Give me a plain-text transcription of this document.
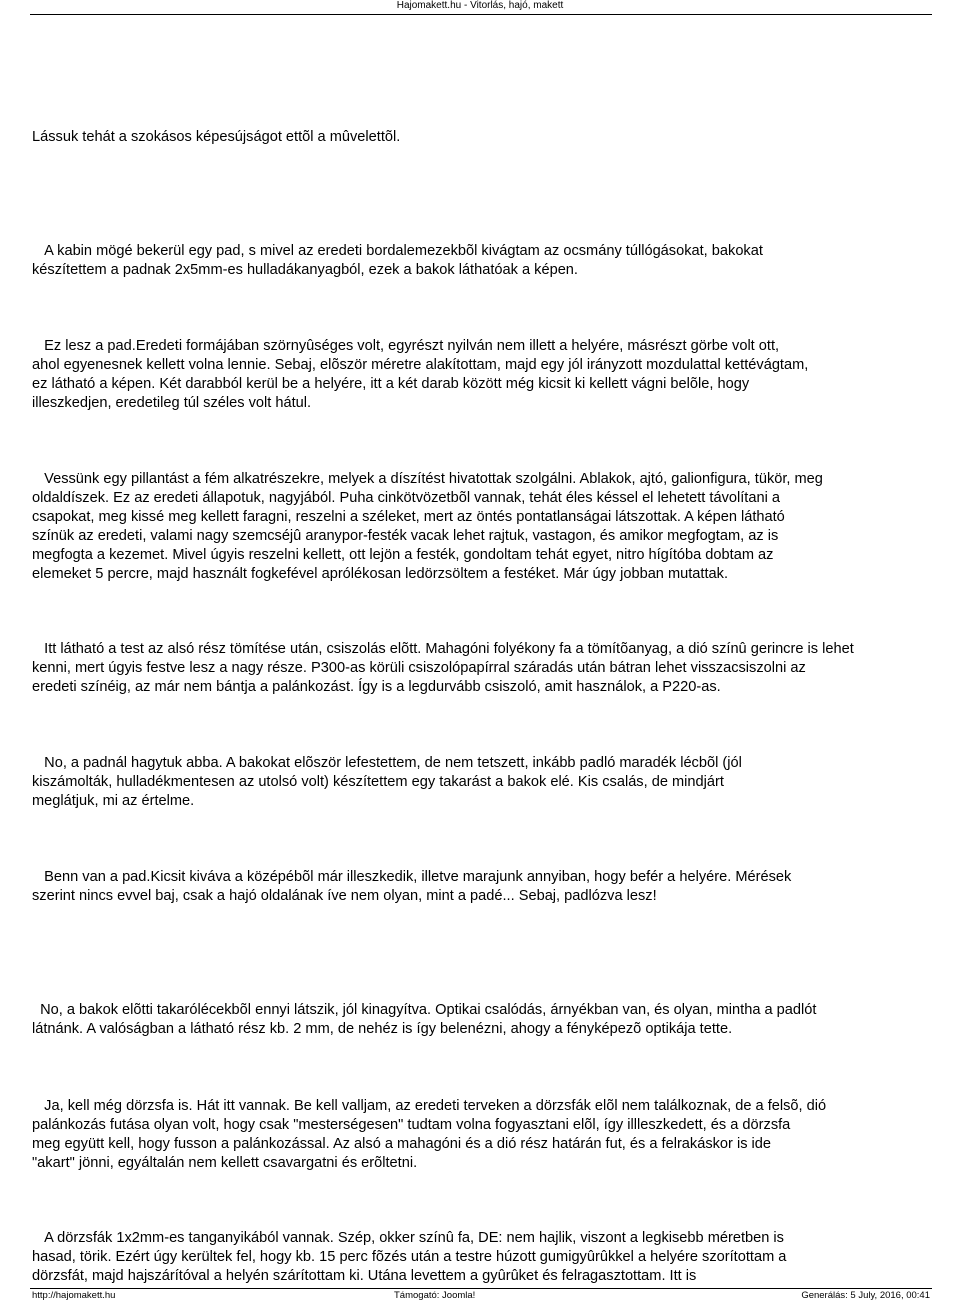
Hajomakett.hu - Vitorlás, hajó, makett

Lássuk tehát a szokásos képesújságot ettõl a mûvelettõl.

A kabin mögé bekerül egy pad, s mivel az eredeti bordalemezekbõl kivágtam az ocsmány túllógásokat, bakokat
készítettem a padnak 2x5mm-es hulladákanyagból, ezek a bakok láthatóak a képen.

Ez lesz a pad.Eredeti formájában szörnyûséges volt, egyrészt nyilván nem illett a helyére, másrészt görbe volt ott,
ahol egyenesnek kellett volna lennie. Sebaj, elõször méretre alakítottam, majd egy jól irányzott mozdulattal kettévágtam,
ez látható a képen. Két darabból kerül be a helyére, itt a két darab között még kicsit ki kellett vágni belõle, hogy
illeszkedjen, eredetileg túl széles volt hátul.

Vessünk egy pillantást a fém alkatrészekre, melyek a díszítést hivatottak szolgálni. Ablakok, ajtó, galionfigura, tükör, meg
oldaldíszek. Ez az eredeti állapotuk, nagyjából. Puha cinkötvözetbõl vannak, tehát éles késsel el lehetett távolítani a
csapokat, meg kissé meg kellett faragni, reszelni a széleket, mert az öntés pontatlanságai látszottak. A képen látható
színük az eredeti, valami nagy szemcséjû aranypor-festék vacak lehet rajtuk, vastagon, és amikor megfogtam, az is
megfogta a kezemet. Mivel úgyis reszelni kellett, ott lejön a festék, gondoltam tehát egyet, nitro hígítóba dobtam az
elemeket 5 percre, majd használt fogkefével aprólékosan ledörzsöltem a festéket. Már úgy jobban mutattak.

Itt látható a test az alsó rész tömítése után, csiszolás elõtt. Mahagóni folyékony fa a tömítõanyag, a dió színû gerincre is lehet
kenni, mert úgyis festve lesz a nagy része. P300-as körüli csiszolópapírral száradás után bátran lehet visszacsiszolni az
eredeti színéig, az már nem bántja a palánkozást. Így is a legdurvább csiszoló, amit használok, a P220-as.

No, a padnál hagytuk abba. A bakokat elõször lefestettem, de nem tetszett, inkább padló maradék lécbõl (jól
kiszámolták, hulladékmentesen az utolsó volt) készítettem egy takarást a bakok elé. Kis csalás, de mindjárt
meglátjuk, mi az értelme.

Benn van a pad.Kicsit kiváva a középébõl már illeszkedik, illetve marajunk annyiban, hogy befér a helyére. Mérések
szerint nincs evvel baj, csak a hajó oldalának íve nem olyan, mint a padé... Sebaj, padlózva lesz!

No, a bakok elõtti takarólécekbõl ennyi látszik, jól kinagyítva. Optikai csalódás, árnyékban van, és olyan, mintha a padlót
látnánk. A valóságban a látható rész kb. 2 mm, de nehéz is így belenézni, ahogy a fényképezõ optikája tette.

Ja, kell még dörzsfa is. Hát itt vannak. Be kell valljam, az eredeti terveken a dörzsfák elõl nem találkoznak, de a felsõ, dió
palánkozás futása olyan volt, hogy csak "mesterségesen" tudtam volna fogyasztani elõl, így illleszkedett, és a dörzsfa
meg együtt kell, hogy fusson a palánkozással. Az alsó a mahagóni és a dió rész határán fut, és a felrakáskor is ide
"akart" jönni, egyáltalán nem kellett csavargatni és erõltetni.

A dörzsfák 1x2mm-es tanganyikából vannak. Szép, okker színû fa, DE: nem hajlik, viszont a legkisebb méretben is
hasad, törik. Ezért úgy kerültek fel, hogy kb. 15 perc fõzés után a testre húzott gumigyûrûkkel a helyére szorítottam a
dörzsfát, majd hajszárítóval a helyén szárítottam ki. Utána levettem a gyûrûket és felragasztottam. Itt is

http://hajomakett.hu	Támogató: Joomla!	Generálás: 5 July, 2016, 00:41
